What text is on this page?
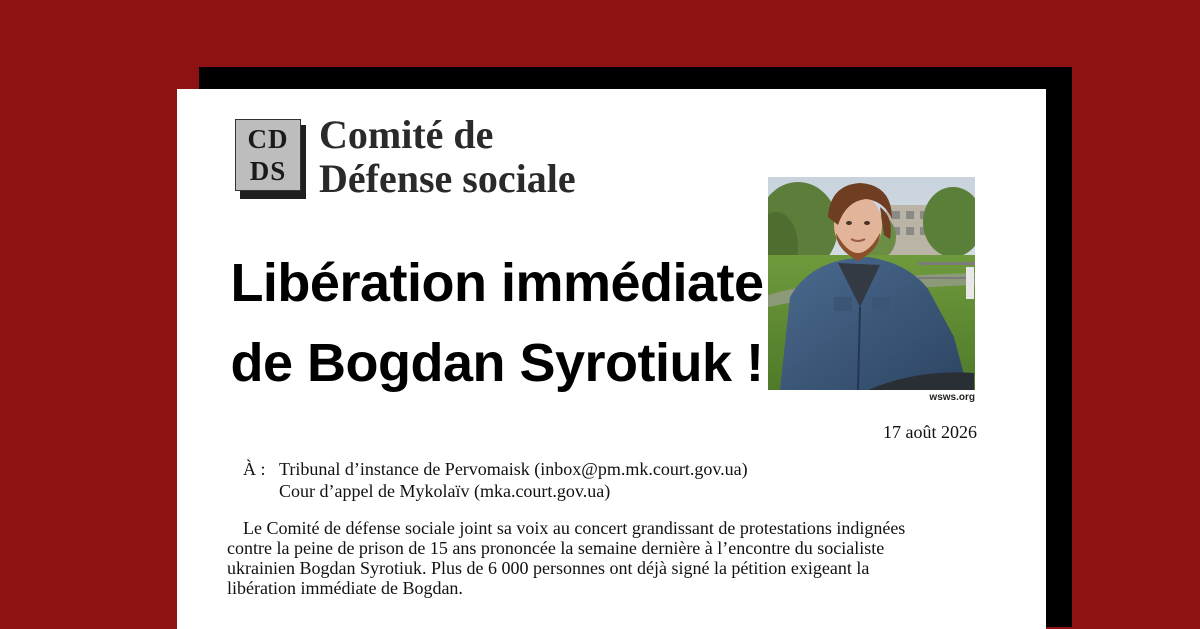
CD
DS
Comité de
Défense sociale
Libération immédiate
de Bogdan Syrotiuk !
wsws.org
17 août 2026
À : Tribunal d’instance de Pervomaisk (inbox@pm.mk.court.gov.ua)
Cour d’appel de Mykolaïv (mka.court.gov.ua)
Le Comité de défense sociale joint sa voix au concert grandissant de protestations indignées
contre la peine de prison de 15 ans prononcée la semaine dernière à l’encontre du socialiste
ukrainien Bogdan Syrotiuk. Plus de 6 000 personnes ont déjà signé la pétition exigeant la
libération immédiate de Bogdan.
